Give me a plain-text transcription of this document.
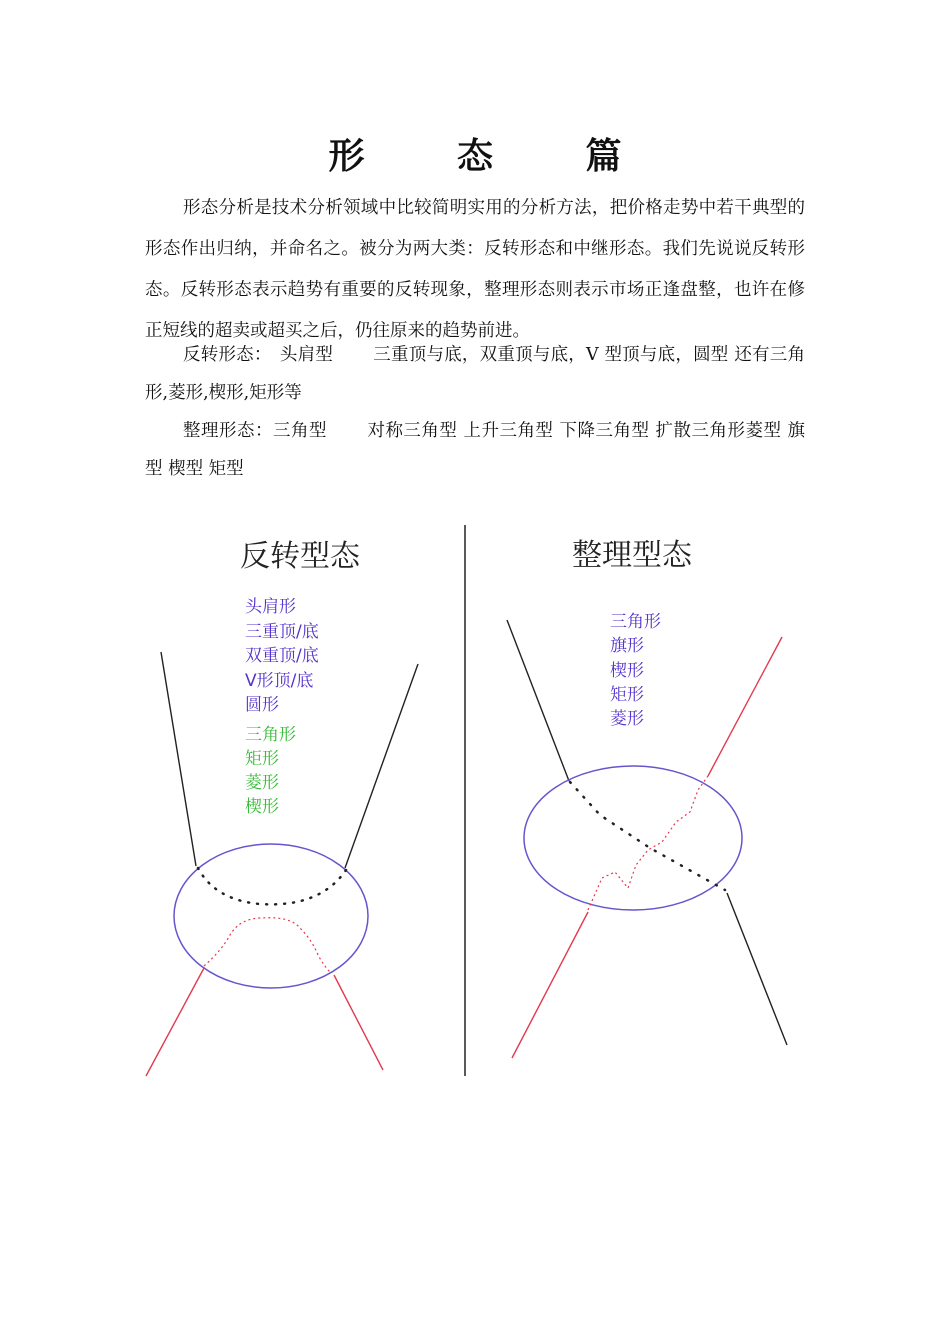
形 态 篇

形态分析是技术分析领域中比较简明实用的分析方法，把价格走势中若干典型的形态作出归纳，并命名之。被分为两大类：反转形态和中继形态。我们先说说反转形态。反转形态表示趋势有重要的反转现象，整理形态则表示市场正逢盘整，也许在修正短线的超卖或超买之后，仍往原来的趋势前进。

反转形态： 头肩型 三重顶与底，双重顶与底，V 型顶与底，圆型 还有三角形,菱形,楔形,矩形等

整理形态：三角型 对称三角型 上升三角型 下降三角型 扩散三角形菱型 旗型 楔型 矩型

反转型态
头肩形
三重顶/底
双重顶/底
V形顶/底
圆形
三角形
矩形
菱形
楔形
整理型态
三角形
旗形
楔形
矩形
菱形
